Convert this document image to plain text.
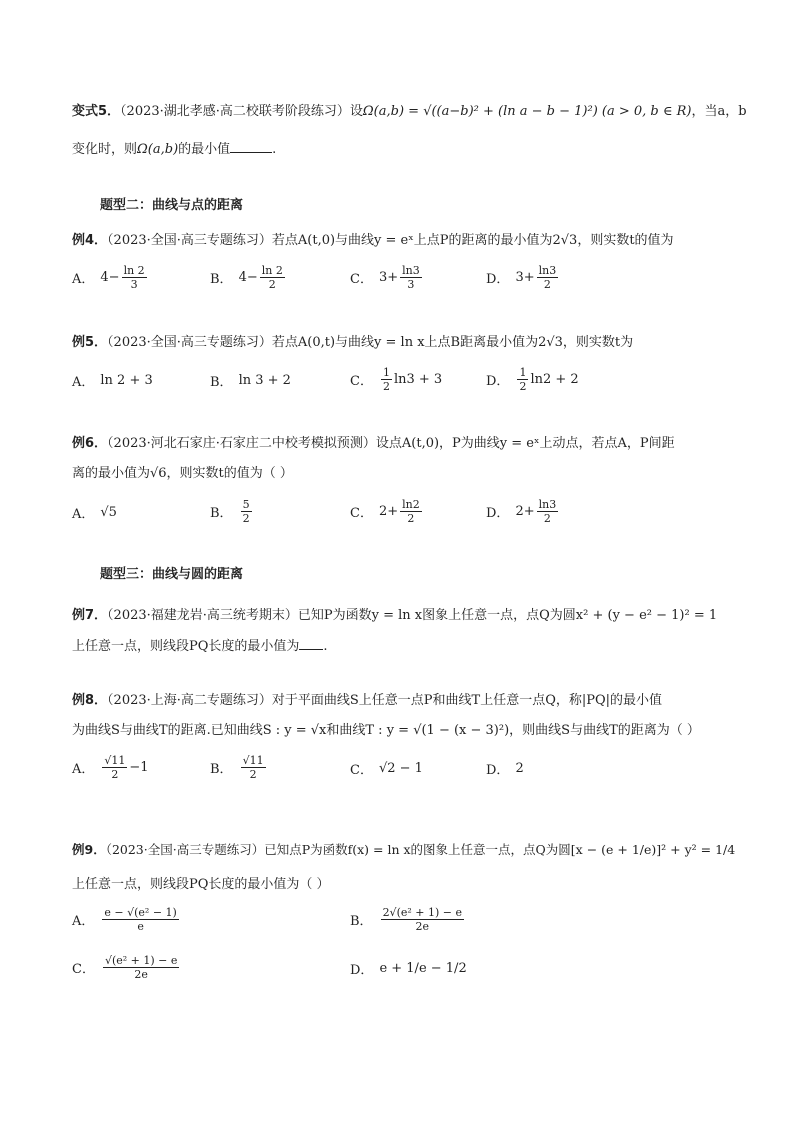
变式5．（2023·湖北孝感·高二校联考阶段练习）设Ω(a,b) = √((a−b)² + (ln a − b − 1)²) (a > 0, b ∈ R)，当a，b
变化时，则Ω(a,b)的最小值	.
题型二：曲线与点的距离
例4．（2023·全国·高三专题练习）若点A(t,0)与曲线y = eˣ上点P的距离的最小值为2√3，则实数t的值为
A． $4- \frac{\ln 2}{3}$	B． $4- \frac{\ln 2}{2}$	C． $3+ \frac{\ln 3}{3}$	D． $3+ \frac{\ln 3}{2}$
例5．（2023·全国·高三专题练习）若点A(0,t)与曲线y = ln x上点B距离最小值为2√3，则实数t为
A． ln 2 + 3	B． ln 3 + 2	C． $\frac{1}{2} \ln 3 + 3$	D． $\frac{1}{2} \ln 2 + 2$
例6．（2023·河北石家庄·石家庄二中校考模拟预测）设点A(t,0)，P为曲线y = eˣ上动点，若点A，P间距
离的最小值为√6，则实数t的值为（ ）
A． √5	B． $\frac{5}{2}$	C． $2+ \frac{\ln 2}{2}$	D． $2+ \frac{\ln 3}{2}$
题型三：曲线与圆的距离
例7．（2023·福建龙岩·高三统考期末）已知P为函数y = ln x图象上任意一点，点Q为圆x² + (y − e² − 1)² = 1
上任意一点，则线段PQ长度的最小值为 .
例8．（2023·上海·高二专题练习）对于平面曲线S上任意一点P和曲线T上任意一点Q，称|PQ|的最小值
为曲线S与曲线T的距离.已知曲线S : y = √x和曲线T : y = √(1 − (x − 3)²)，则曲线S与曲线T的距离为（ ）
A． $\frac{√11}{2} -1$	B． $\frac{√11}{2}$	C． √2 − 1	D． 2
例9．（2023·全国·高三专题练习）已知点P为函数f(x) = ln x的图象上任意一点，点Q为圆[x − (e + 1/e)]² + y² = 1/4
上任意一点，则线段PQ长度的最小值为（ ）
A． $\frac{\text{e − √(e² − 1)}}{e}$	B． $\frac{\text{2√(e² + 1) − e}}{2e}$
C． $\frac{\text{√(e² + 1) − e}}{2e}$	D． e + 1/e − 1/2
